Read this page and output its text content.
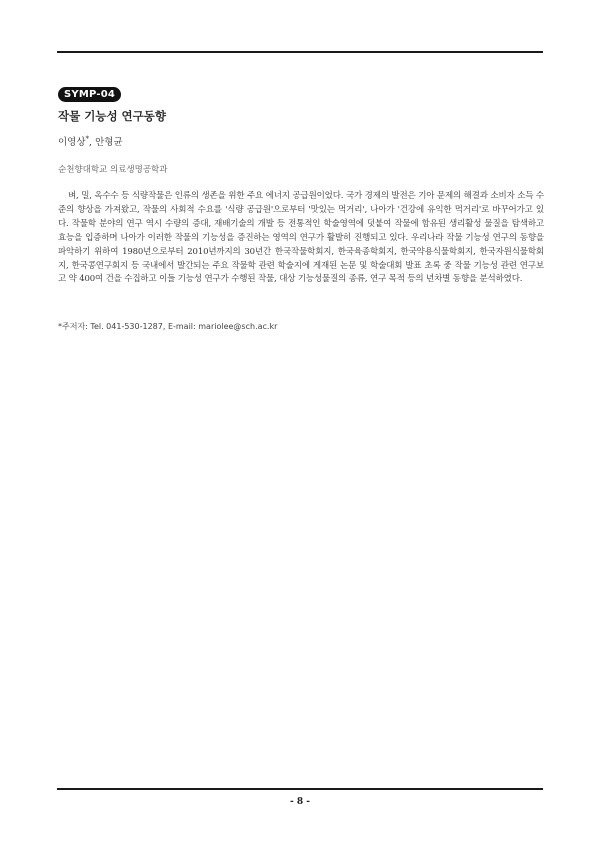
SYMP-04
작물 기능성 연구동향
이영상*, 안형균
순천향대학교 의료생명공학과

벼, 밀, 옥수수 등 식량작물은 인류의 생존을 위한 주요 에너지 공급원이었다. 국가 경제의 발전은 기아 문제의 해결과 소비자 소득 수준의 향상을 가져왔고, 작물의 사회적 수요를 '식량 공급원'으로부터 '맛있는 먹거리', 나아가 '건강에 유익한 먹거리'로 바꾸어가고 있다. 작물학 분야의 연구 역시 수량의 증대, 재배기술의 개발 등 전통적인 학술영역에 덧붙여 작물에 함유된 생리활성 물질을 탐색하고 효능을 입증하며 나아가 이러한 작물의 기능성을 증진하는 영역의 연구가 활발히 진행되고 있다. 우리나라 작물 기능성 연구의 동향을 파악하기 위하여 1980년으로부터 2010년까지의 30년간 한국작물학회지, 한국육종학회지, 한국약용식물학회지, 한국자원식물학회지, 한국콩연구회지 등 국내에서 발간되는 주요 작물학 관련 학술지에 게재된 논문 및 학술대회 발표 초록 중 작물 기능성 관련 연구보고 약 400여 건을 수집하고 이들 기능성 연구가 수행된 작물, 대상 기능성물질의 종류, 연구 목적 등의 년차별 동향을 분석하였다.

*주저자: Tel. 041-530-1287, E-mail: mariolee@sch.ac.kr
- 8 -
